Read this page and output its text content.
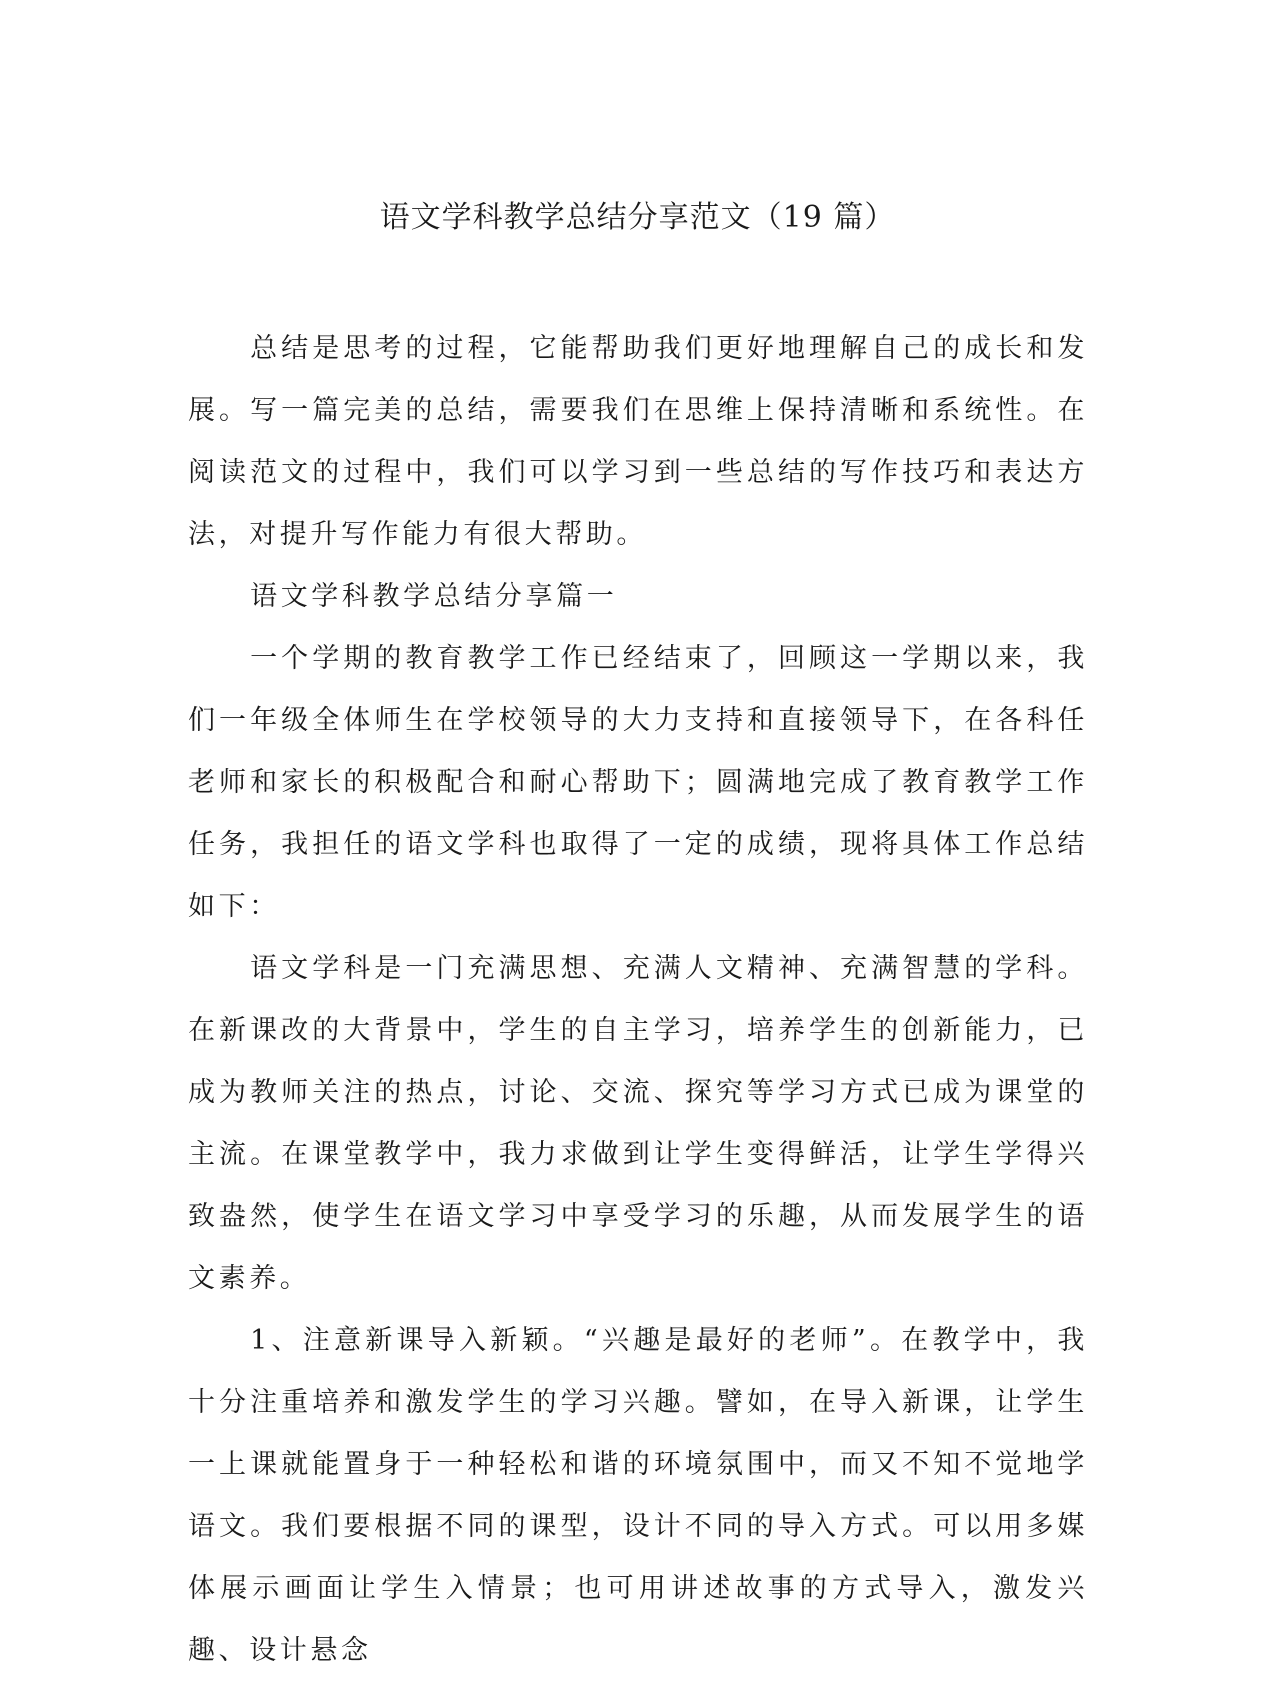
语文学科教学总结分享范文（19 篇）

总结是思考的过程，它能帮助我们更好地理解自己的成长和发展。写一篇完美的总结，需要我们在思维上保持清晰和系统性。在阅读范文的过程中，我们可以学习到一些总结的写作技巧和表达方法，对提升写作能力有很大帮助。

语文学科教学总结分享篇一

一个学期的教育教学工作已经结束了，回顾这一学期以来，我们一年级全体师生在学校领导的大力支持和直接领导下，在各科任老师和家长的积极配合和耐心帮助下；圆满地完成了教育教学工作任务，我担任的语文学科也取得了一定的成绩，现将具体工作总结如下：

语文学科是一门充满思想、充满人文精神、充满智慧的学科。在新课改的大背景中，学生的自主学习，培养学生的创新能力，已成为教师关注的热点，讨论、交流、探究等学习方式已成为课堂的主流。在课堂教学中，我力求做到让学生变得鲜活，让学生学得兴致盎然，使学生在语文学习中享受学习的乐趣，从而发展学生的语文素养。

1、注意新课导入新颖。“兴趣是最好的老师”。在教学中，我十分注重培养和激发学生的学习兴趣。譬如，在导入新课，让学生一上课就能置身于一种轻松和谐的环境氛围中，而又不知不觉地学语文。我们要根据不同的课型，设计不同的导入方式。可以用多媒体展示画面让学生入情景；也可用讲述故事的方式导入，激发兴趣、设计悬念
